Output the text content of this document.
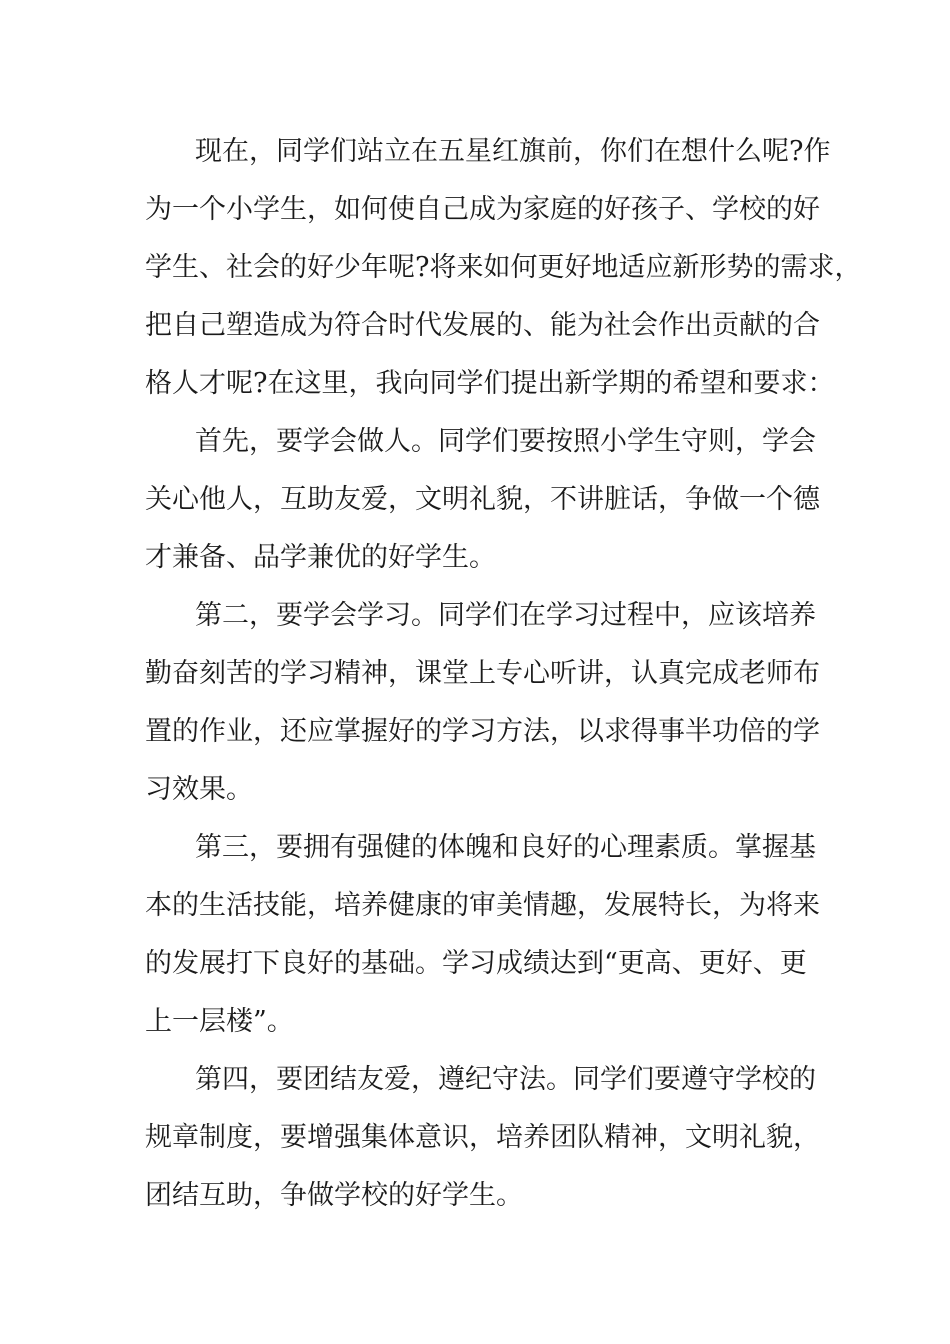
现在，同学们站立在五星红旗前，你们在想什么呢?作
为一个小学生，如何使自己成为家庭的好孩子、学校的好
学生、社会的好少年呢?将来如何更好地适应新形势的需求，
把自己塑造成为符合时代发展的、能为社会作出贡献的合
格人才呢?在这里，我向同学们提出新学期的希望和要求：
首先，要学会做人。同学们要按照小学生守则，学会
关心他人，互助友爱，文明礼貌，不讲脏话，争做一个德
才兼备、品学兼优的好学生。
第二，要学会学习。同学们在学习过程中，应该培养
勤奋刻苦的学习精神，课堂上专心听讲，认真完成老师布
置的作业，还应掌握好的学习方法，以求得事半功倍的学
习效果。
第三，要拥有强健的体魄和良好的心理素质。掌握基
本的生活技能，培养健康的审美情趣，发展特长，为将来
的发展打下良好的基础。学习成绩达到“更高、更好、更
上一层楼”。
第四，要团结友爱，遵纪守法。同学们要遵守学校的
规章制度，要增强集体意识，培养团队精神，文明礼貌，
团结互助，争做学校的好学生。
